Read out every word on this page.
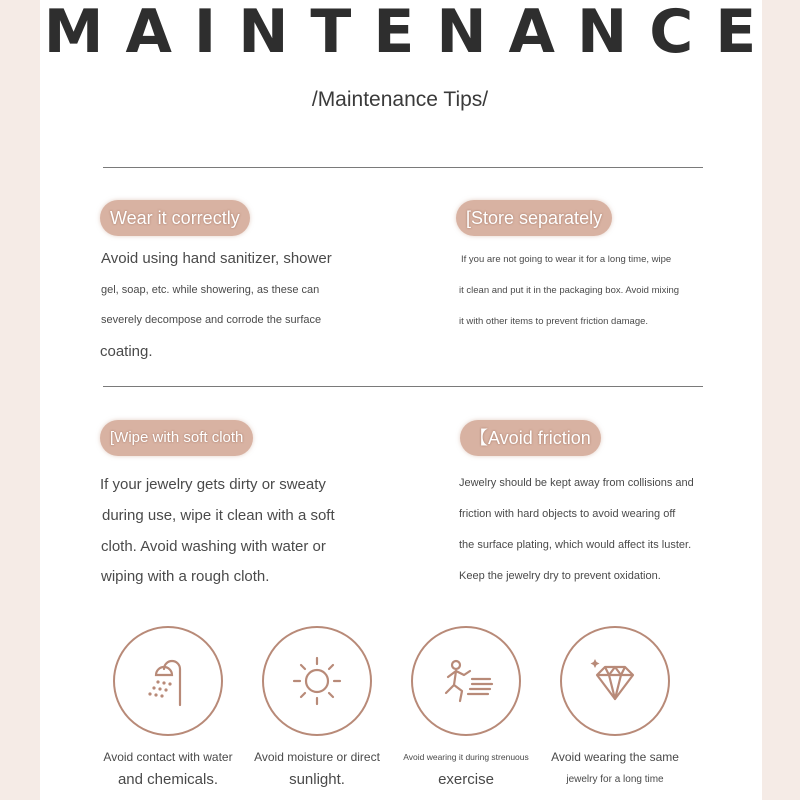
MAINTENANCE
/Maintenance Tips/
Wear it correctly
Avoid using hand sanitizer, shower
gel, soap, etc. while showering, as these can
severely decompose and corrode the surface
coating.
[Store separately
If you are not going to wear it for a long time, wipe
it clean and put it in the packaging box. Avoid mixing
it with other items to prevent friction damage.
[Wipe with soft cloth
If your jewelry gets dirty or sweaty
during use, wipe it clean with a soft
cloth. Avoid washing with water or
wiping with a rough cloth.
【Avoid friction
Jewelry should be kept away from collisions and
friction with hard objects to avoid wearing off
the surface plating, which would affect its luster.
Keep the jewelry dry to prevent oxidation.
Avoid contact with water
and chemicals.
Avoid moisture or direct
sunlight.
Avoid wearing it during strenuous
exercise
Avoid wearing the same
jewelry for a long time
